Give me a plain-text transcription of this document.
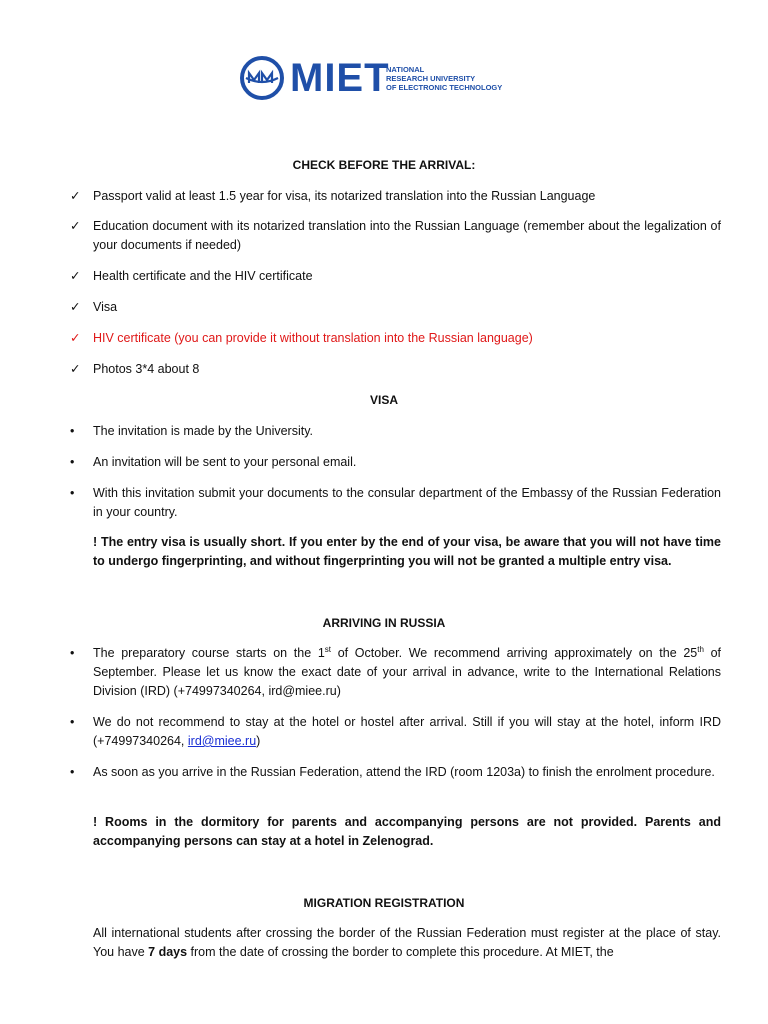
MIET
NATIONAL
RESEARCH UNIVERSITY
OF ELECTRONIC TECHNOLOGY
CHECK BEFORE THE ARRIVAL:
✓	Passport valid at least 1.5 year for visa, its notarized translation into the Russian Language
✓	Education document with its notarized translation into the Russian Language (remember about the legalization of your documents if needed)
✓	Health certificate and the HIV certificate
✓	Visa
✓	HIV certificate (you can provide it without translation into the Russian language)
✓	Photos 3*4 about 8
VISA
•	The invitation is made by the University.
•	An invitation will be sent to your personal email.
•	With this invitation submit your documents to the consular department of the Embassy of the Russian Federation in your country.
! The entry visa is usually short. If you enter by the end of your visa, be aware that you will not have time to undergo fingerprinting, and without fingerprinting you will not be granted a multiple entry visa.
ARRIVING IN RUSSIA
•	The preparatory course starts on the 1st of October. We recommend arriving approximately on the 25th of September. Please let us know the exact date of your arrival in advance, write to the International Relations Division (IRD) (+74997340264, ird@miee.ru)
•	We do not recommend to stay at the hotel or hostel after arrival. Still if you will stay at the hotel, inform IRD (+74997340264, ird@miee.ru)
•	As soon as you arrive in the Russian Federation, attend the IRD (room 1203a) to finish the enrolment procedure.
! Rooms in the dormitory for parents and accompanying persons are not provided. Parents and accompanying persons can stay at a hotel in Zelenograd.
MIGRATION REGISTRATION
All international students after crossing the border of the Russian Federation must register at the place of stay. You have 7 days from the date of crossing the border to complete this procedure. At MIET, the
